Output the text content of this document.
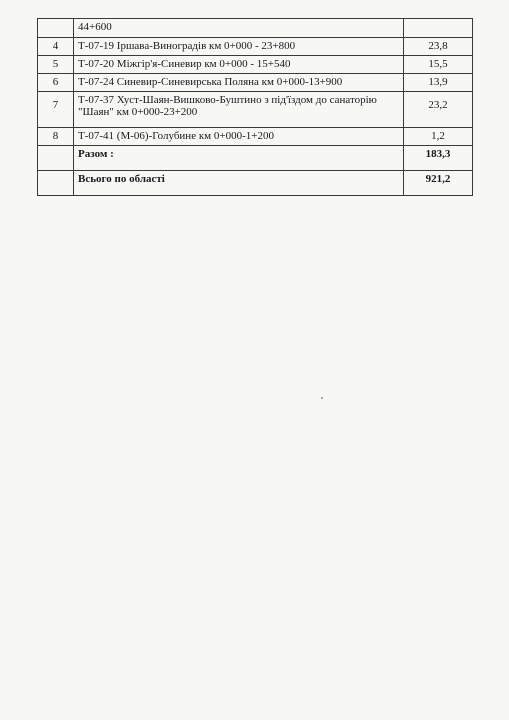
	44+600	
4	Т-07-19 Іршава-Виноградів км 0+000 - 23+800	23,8
5	Т-07-20 Міжгір'я-Синевир км 0+000 - 15+540	15,5
6	Т-07-24 Синевир-Синевирська Поляна км 0+000-13+900	13,9
7	Т-07-37 Хуст-Шаян-Вишково-Буштино з під'їздом до санаторію "Шаян" км 0+000-23+200	23,2
8	Т-07-41 (М-06)-Голубине км 0+000-1+200	1,2
	Разом :	183,3
	Всього по області	921,2
